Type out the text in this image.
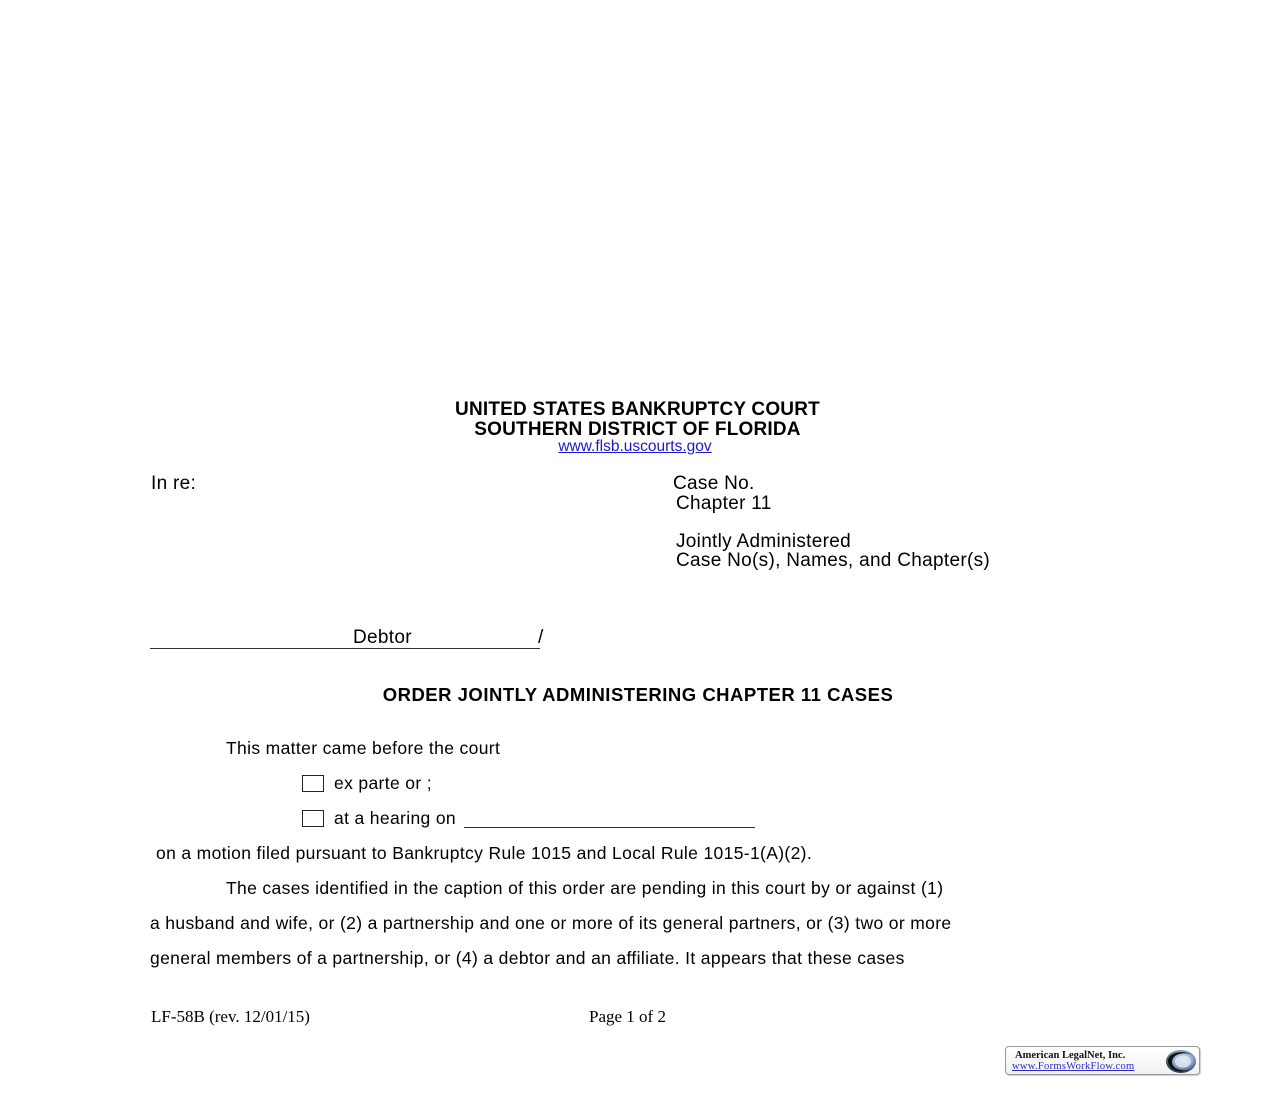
UNITED STATES BANKRUPTCY COURT
SOUTHERN DISTRICT OF FLORIDA
www.flsb.uscourts.gov
In re:	Case No.
Chapter 11
Jointly Administered
Case No(s), Names, and Chapter(s)
Debtor	/
ORDER JOINTLY ADMINISTERING CHAPTER 11 CASES
This matter came before the court
ex parte or ;
at a hearing on
on a motion filed pursuant to Bankruptcy Rule 1015 and Local Rule 1015-1(A)(2).
The cases identified in the caption of this order are pending in this court by or against (1)
a husband and wife, or (2) a partnership and one or more of its general partners, or (3) two or more
general members of a partnership, or (4) a debtor and an affiliate. It appears that these cases
LF-58B (rev. 12/01/15)	Page 1 of 2
American LegalNet, Inc.
www.FormsWorkFlow.com
